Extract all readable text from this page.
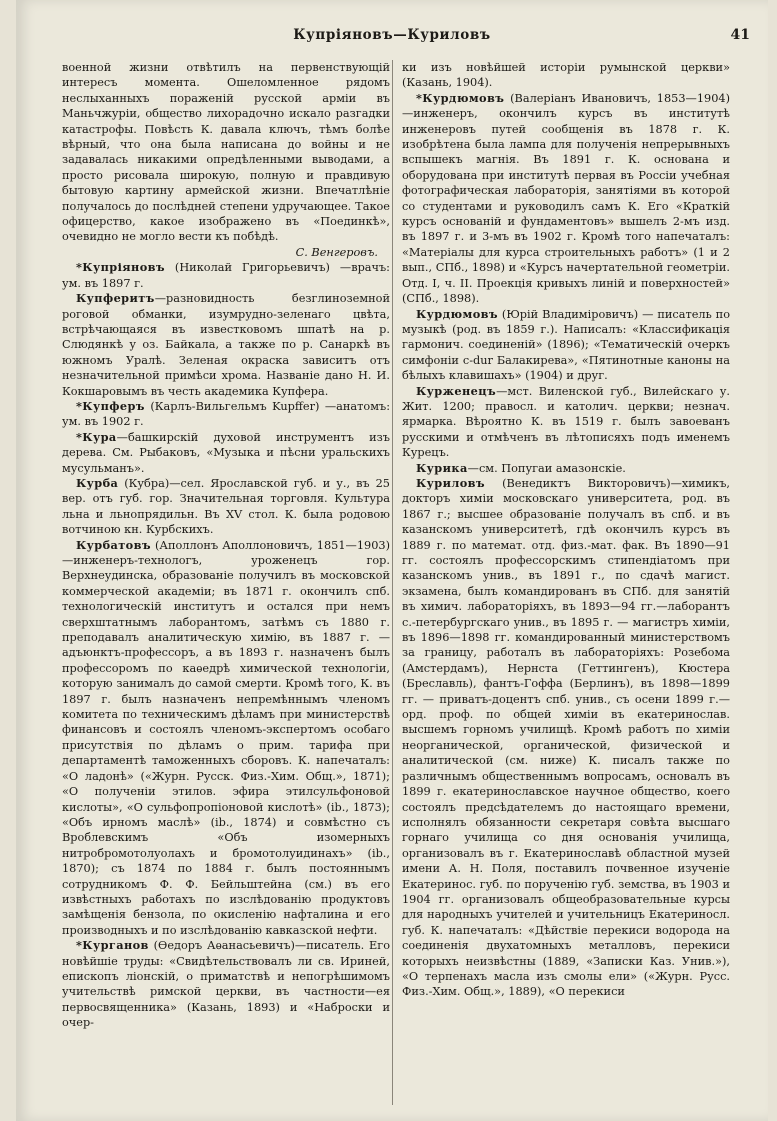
Купріяновъ—Куриловъ	41

военной жизни отвѣтилъ на первенствующій интересъ момента. Ошеломленное рядомъ неслыханныхъ пораженій русской арміи въ Маньчжуріи, общество лихорадочно искало разгадки катастрофы. Повѣсть К. давала ключъ, тѣмъ болѣе вѣрный, что она была написана до войны и не задавалась никакими опредѣленными выводами, а просто рисовала широкую, полную и правдивую бытовую картину армейской жизни. Впечатлѣніе получалось до послѣдней степени удручающее. Такое офицерство, какое изображено въ «Поединкѣ», очевидно не могло вести къ побѣдѣ.

С. Венгеровъ.

*Купріяновъ (Николай Григорьевичъ) —врачъ: ум. въ 1897 г.

Купферитъ—разновидность безглиноземной роговой обманки, изумрудно-зеленаго цвѣта, встрѣчающаяся въ известковомъ шпатѣ на р. Слюдянкѣ у оз. Байкала, а также по р. Санаркѣ въ южномъ Уралѣ. Зеленая окраска зависитъ отъ незначительной примѣси хрома. Названіе дано Н. И. Кокшаровымъ въ честь академика Купфера.

*Купферъ (Карлъ-Вильгельмъ Kupffer) —анатомъ: ум. въ 1902 г.

*Кура—башкирскій духовой инструментъ изъ дерева. См. Рыбаковъ, «Музыка и пѣсни уральскихъ мусульманъ».

Курба (Кубра)—сел. Ярославской губ. и у., въ 25 вер. отъ губ. гор. Значительная торговля. Культура льна и льнопрядильн. Въ XV стол. К. была родовою вотчиною кн. Курбскихъ.

Курбатовъ (Аполлонъ Аполлоновичъ, 1851—1903)—инженеръ-технологъ, уроженецъ гор. Верхнеудинска, образованіе получилъ въ московской коммерческой академіи; въ 1871 г. окончилъ спб. технологическій институтъ и остался при немъ сверхштатнымъ лаборантомъ, затѣмъ съ 1880 г. преподавалъ аналитическую химію, въ 1887 г. — адъюнктъ-профессоръ, а въ 1893 г. назначенъ былъ профессоромъ по каѳедрѣ химической технологіи, которую занималъ до самой смерти. Кромѣ того, К. въ 1897 г. былъ назначенъ непремѣннымъ членомъ комитета по техническимъ дѣламъ при министерствѣ финансовъ и состоялъ членомъ-экспертомъ особаго присутствія по дѣламъ о прим. тарифа при департаментѣ таможенныхъ сборовъ. К. напечаталъ: «О ладонѣ» («Журн. Русск. Физ.-Хим. Общ.», 1871); «О полученіи этилов. эфира этилсульфоновой кислоты», «О сульфопропіоновой кислотѣ» (ib., 1873); «Объ ирномъ маслѣ» (ib., 1874) и совмѣстно съ Вроблевскимъ «Объ изомерныхъ нитробромотолуолахъ и бромотолуидинахъ» (ib., 1870); съ 1874 по 1884 г. былъ постояннымъ сотрудникомъ Ф. Ф. Бейльштейна (см.) въ его извѣстныхъ работахъ по изслѣдованію продуктовъ замѣщенія бензола, по окисленію нафталина и его производныхъ и по изслѣдованію кавказской нефти.

*Курганов (Өедоръ Аѳанасьевичъ)—писатель. Его новѣйшіе труды: «Свидѣтельствовалъ ли св. Ириней, епископъ ліонскій, о приматствѣ и непогрѣшимомъ учительствѣ римской церкви, въ частности—ея первосвященника» (Казань, 1893) и «Наброски и очер-

ки изъ новѣйшей исторіи румынской церкви» (Казань, 1904).

*Курдюмовъ (Валеріанъ Ивановичъ, 1853—1904)—инженеръ, окончилъ курсъ въ институтѣ инженеровъ путей сообщенія въ 1878 г. К. изобрѣтена была лампа для полученія непрерывныхъ вспышекъ магнія. Въ 1891 г. К. основана и оборудована при институтѣ первая въ Россіи учебная фотографическая лабораторія, занятіями въ которой со студентами и руководилъ самъ К. Его «Краткій курсъ основаній и фундаментовъ» вышелъ 2-мъ изд. въ 1897 г. и 3-мъ въ 1902 г. Кромѣ того напечаталъ: «Матеріалы для курса строительныхъ работъ» (1 и 2 вып., СПб., 1898) и «Курсъ начертательной геометріи. Отд. I, ч. II. Проекція кривыхъ линій и поверхностей» (СПб., 1898).

Курдюмовъ (Юрій Владиміровичъ) — писатель по музыкѣ (род. въ 1859 г.). Написалъ: «Классификація гармонич. соединеній» (1896); «Тематическій очеркъ симфоніи c-dur Балакирева», «Пятинотные каноны на бѣлыхъ клавишахъ» (1904) и друг.

Курженецъ—мст. Виленской губ., Вилейскаго у. Жит. 1200; правосл. и католич. церкви; незнач. ярмарка. Вѣроятно К. въ 1519 г. былъ завоеванъ русскими и отмѣченъ въ лѣтописяхъ подъ именемъ Курецъ.

Курика—см. Попугаи амазонскіе.

Куриловъ (Венедиктъ Викторовичъ)—химикъ, докторъ химіи московскаго университета, род. въ 1867 г.; высшее образованіе получалъ въ спб. и въ казанскомъ университетѣ, гдѣ окончилъ курсъ въ 1889 г. по математ. отд. физ.-мат. фак. Въ 1890—91 гг. состоялъ профессорскимъ стипендіатомъ при казанскомъ унив., въ 1891 г., по сдачѣ магист. экзамена, былъ командированъ въ СПб. для занятій въ химич. лабораторіяхъ, въ 1893—94 гг.—лаборантъ с.-петербургскаго унив., въ 1895 г. — магистръ химіи, въ 1896—1898 гг. командированный министерствомъ за границу, работалъ въ лабораторіяхъ: Розебома (Амстердамъ), Нернста (Геттингенъ), Кюстера (Бреславль), фантъ-Гоффа (Берлинъ), въ 1898—1899 гг. — приватъ-доцентъ спб. унив., съ осени 1899 г.—орд. проф. по общей химіи въ екатеринослав. высшемъ горномъ училищѣ. Кромѣ работъ по химіи неорганической, органической, физической и аналитической (см. ниже) К. писалъ также по различнымъ общественнымъ вопросамъ, основалъ въ 1899 г. екатеринославское научное общество, коего состоялъ предсѣдателемъ до настоящаго времени, исполнялъ обязанности секретаря совѣта высшаго горнаго училища со дня основанія училища, организовалъ въ г. Екатеринославѣ областной музей имени А. Н. Поля, поставилъ почвенное изученіе Екатеринос. губ. по порученію губ. земства, въ 1903 и 1904 гг. организовалъ общеобразовательные курсы для народныхъ учителей и учительницъ Екатериносл. губ. К. напечаталъ: «Дѣйствіе перекиси водорода на соединенія двухатомныхъ металловъ, перекиси которыхъ неизвѣстны (1889, «Записки Каз. Унив.»), «О терпенахъ масла изъ смолы ели» («Журн. Русс. Физ.-Хим. Общ.», 1889), «О перекиси
